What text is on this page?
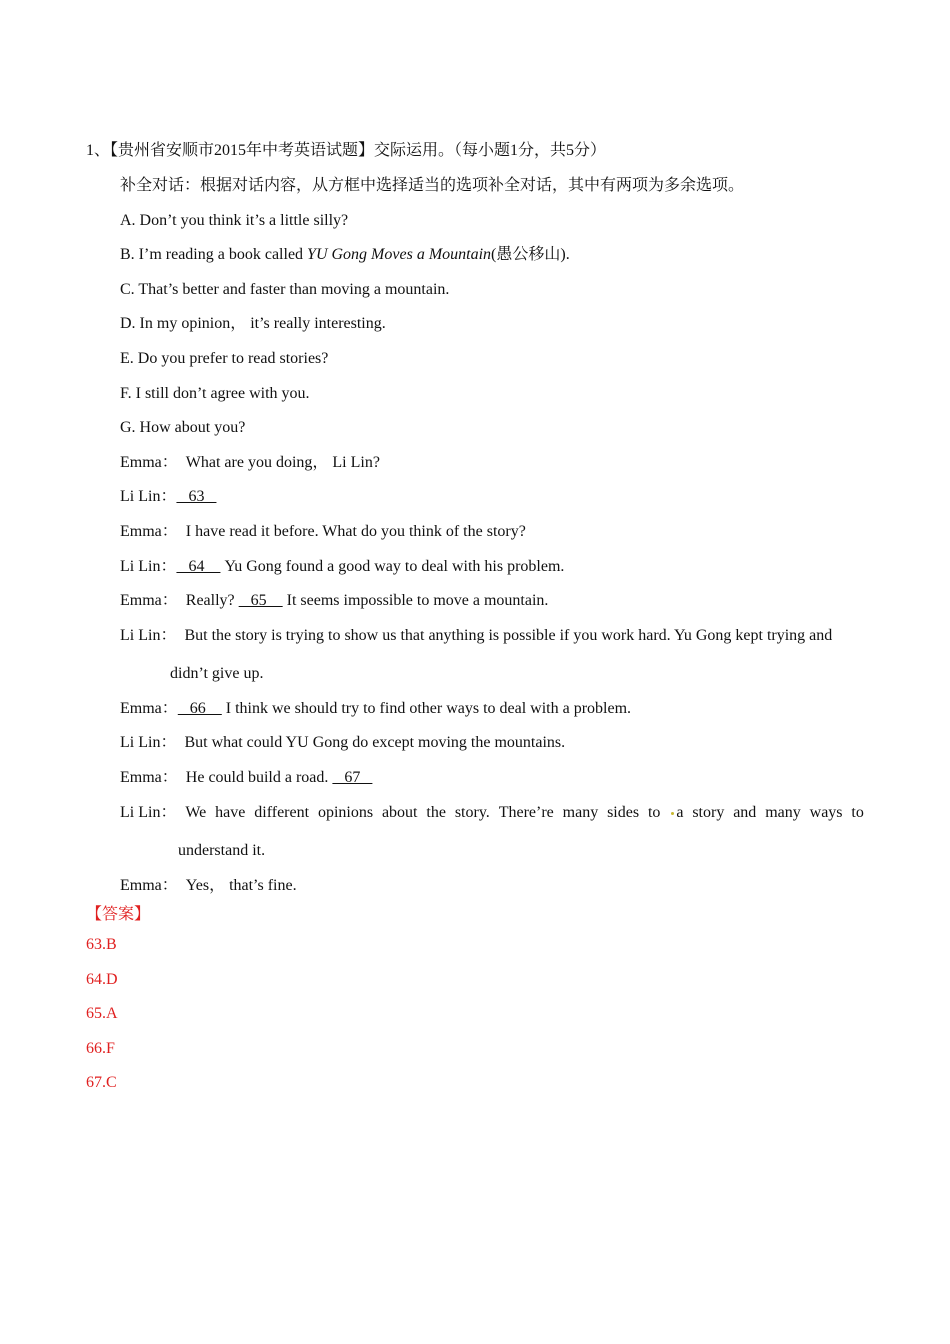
1、【贵州省安顺市2015年中考英语试题】交际运用。（每小题1分，共5分）
补全对话：根据对话内容，从方框中选择适当的选项补全对话，其中有两项为多余选项。
A. Don’t you think it’s a little silly?
B. I’m reading a book called YU Gong Moves a Mountain(愚公移山).
C. That’s better and faster than moving a mountain.
D. In my opinion， it’s really interesting.
E. Do you prefer to read stories?
F. I still don’t agree with you.
G. How about you?
Emma： What are you doing， Li Lin?
Li Lin：   63
Emma： I have read it before. What do you think of the story?
Li Lin：   64     Yu Gong found a good way to deal with his problem.
Emma： Really?    65     It seems impossible to move a mountain.
Li Lin： But the story is trying to show us that anything is possible if you work hard. Yu Gong kept trying and
didn’t give up.
Emma：   66     I think we should try to find other ways to deal with a problem.
Li Lin： But what could YU Gong do except moving the mountains.
Emma： He could build a road.    67
Li Lin： We have different opinions about the story. There’re many sides to a story and many ways to
understand it.
Emma： Yes， that’s fine.
【答案】
63.B
64.D
65.A
66.F
67.C
